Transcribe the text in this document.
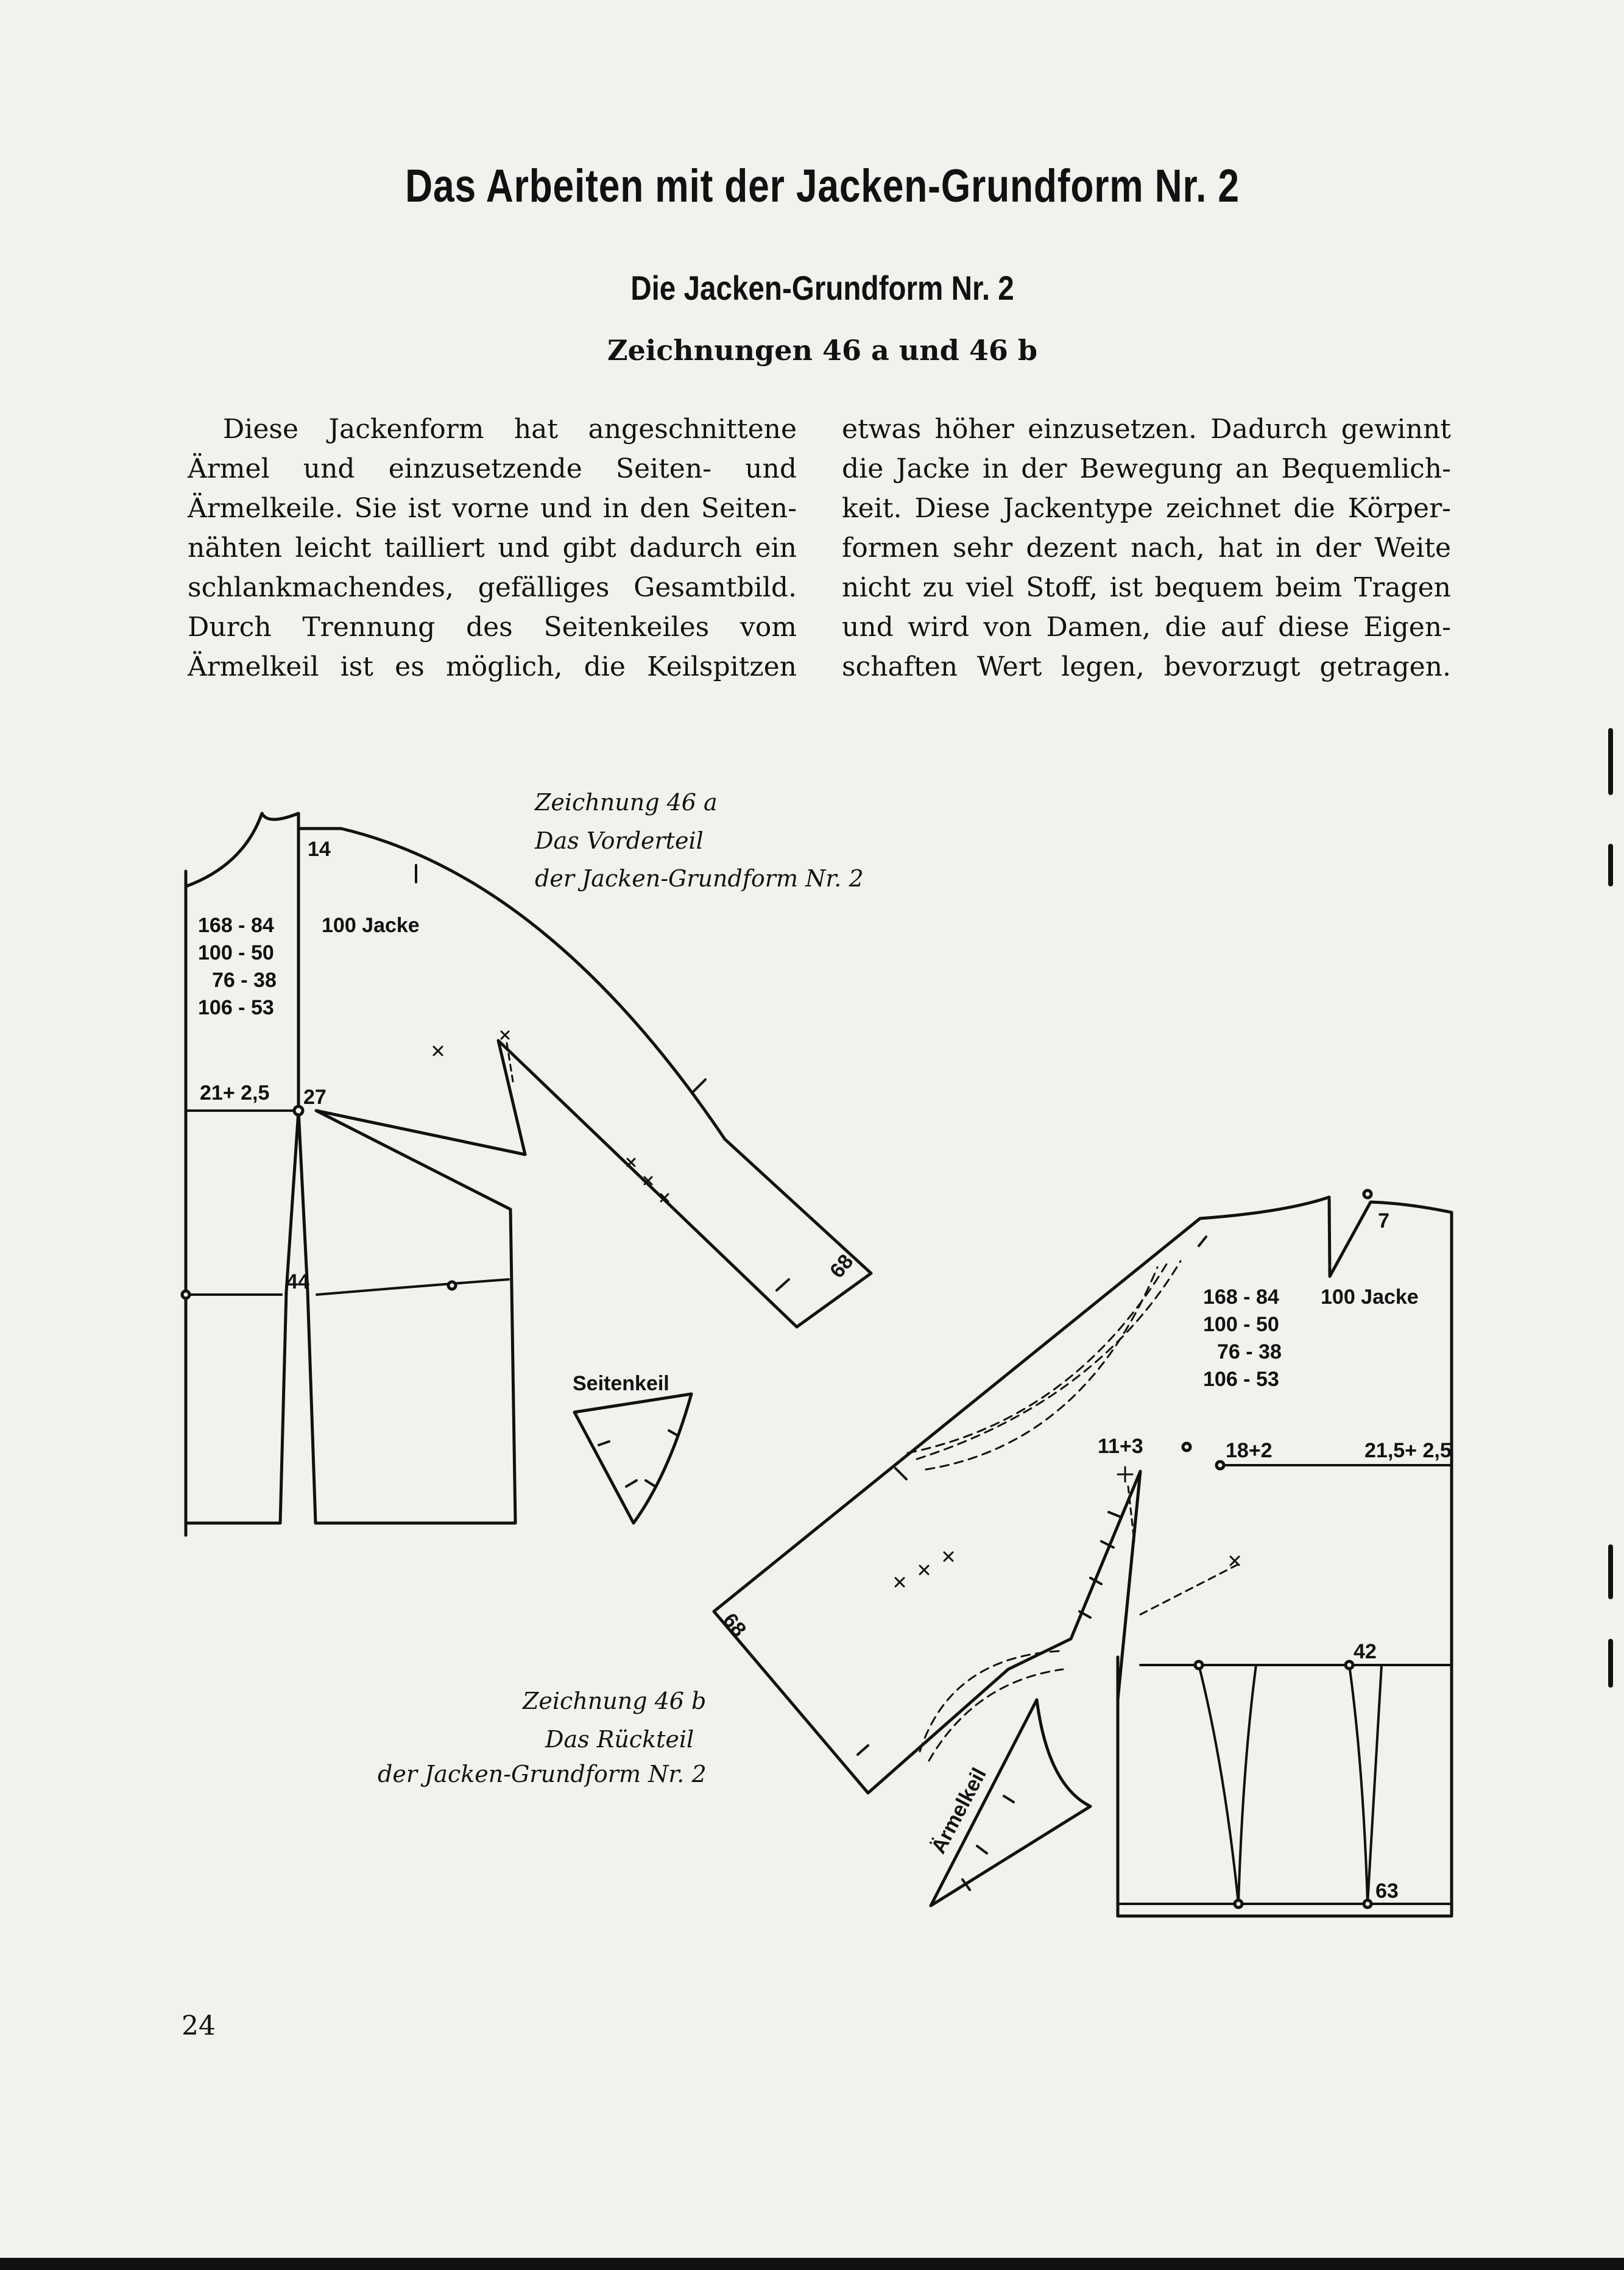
Das Arbeiten mit der Jacken-Grundform Nr. 2
Die Jacken-Grundform Nr. 2
Zeichnungen 46 a und 46 b

Diese Jackenform hat angeschnittene

Ärmel und einzusetzende Seiten- und

Ärmelkeile. Sie ist vorne und in den Seiten-

nähten leicht tailliert und gibt dadurch ein

schlankmachendes, gefälliges Gesamtbild.

Durch Trennung des Seitenkeiles vom

Ärmelkeil ist es möglich, die Keilspitzen

etwas höher einzusetzen. Dadurch gewinnt

die Jacke in der Bewegung an Bequemlich-

keit. Diese Jackentype zeichnet die Körper-

formen sehr dezent nach, hat in der Weite

nicht zu viel Stoff, ist bequem beim Tragen

und wird von Damen, die auf diese Eigen-

schaften Wert legen, bevorzugt getragen.

Zeichnung 46 a
Das Vorderteil
der Jacken-Grundform Nr. 2
14
168 - 84
100 - 50
76 - 38
106 - 53
100 Jacke
21+ 2,5 27
44	68
Seitenkeil
Zeichnung 46 b
Das Rückteil
der Jacken-Grundform Nr. 2
7
168 - 84
100 - 50
76 - 38
106 - 53
100 Jacke
11+3	18+2	21,5+ 2,5
42
63
68
Ärmelkeil
24
